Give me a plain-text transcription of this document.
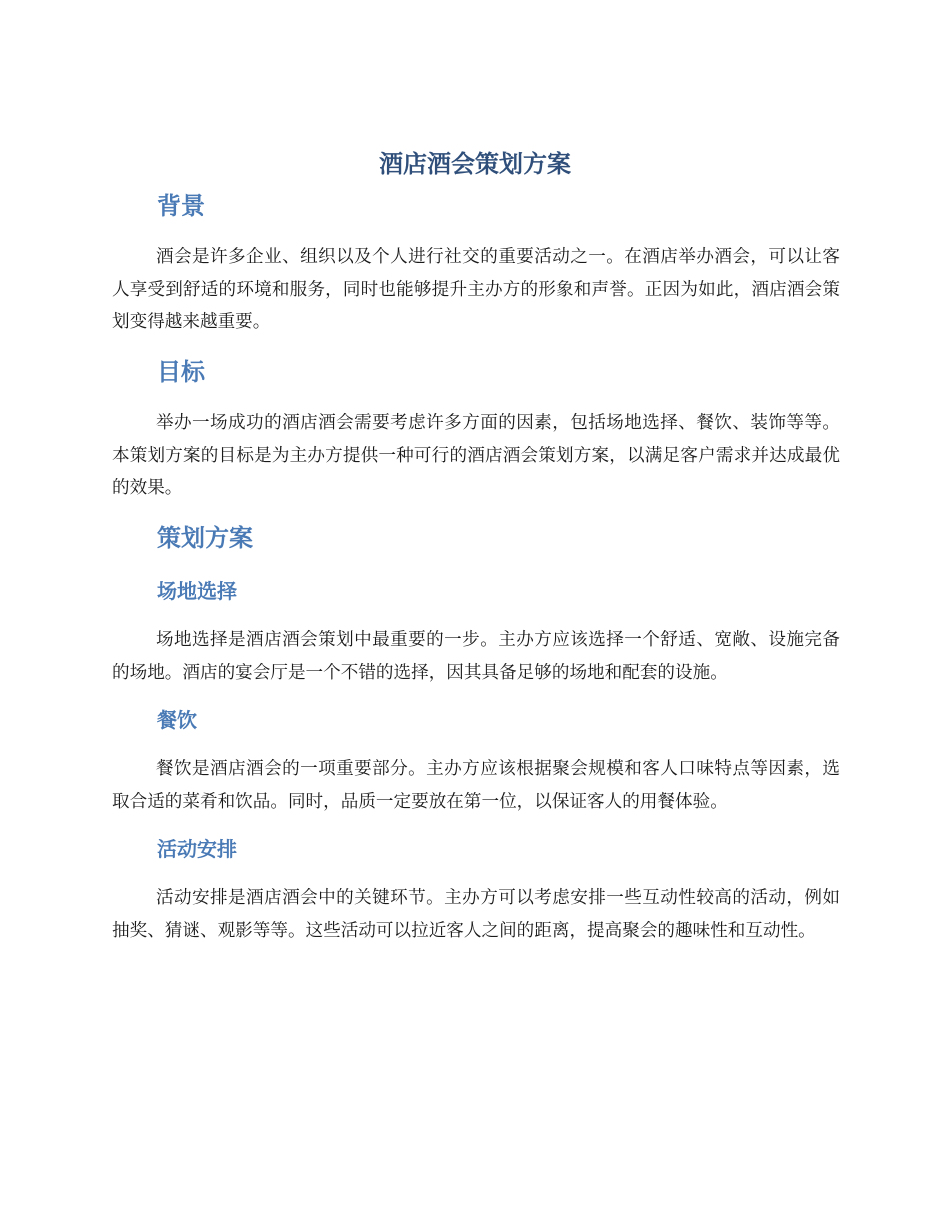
酒店酒会策划方案
背景

酒会是许多企业、组织以及个人进行社交的重要活动之一。在酒店举办酒会，可以让客人享受到舒适的环境和服务，同时也能够提升主办方的形象和声誉。正因为如此，酒店酒会策划变得越来越重要。

目标

举办一场成功的酒店酒会需要考虑许多方面的因素，包括场地选择、餐饮、装饰等等。本策划方案的目标是为主办方提供一种可行的酒店酒会策划方案，以满足客户需求并达成最优的效果。

策划方案
场地选择

场地选择是酒店酒会策划中最重要的一步。主办方应该选择一个舒适、宽敞、设施完备的场地。酒店的宴会厅是一个不错的选择，因其具备足够的场地和配套的设施。

餐饮

餐饮是酒店酒会的一项重要部分。主办方应该根据聚会规模和客人口味特点等因素，选取合适的菜肴和饮品。同时，品质一定要放在第一位，以保证客人的用餐体验。

活动安排

活动安排是酒店酒会中的关键环节。主办方可以考虑安排一些互动性较高的活动，例如抽奖、猜谜、观影等等。这些活动可以拉近客人之间的距离，提高聚会的趣味性和互动性。
